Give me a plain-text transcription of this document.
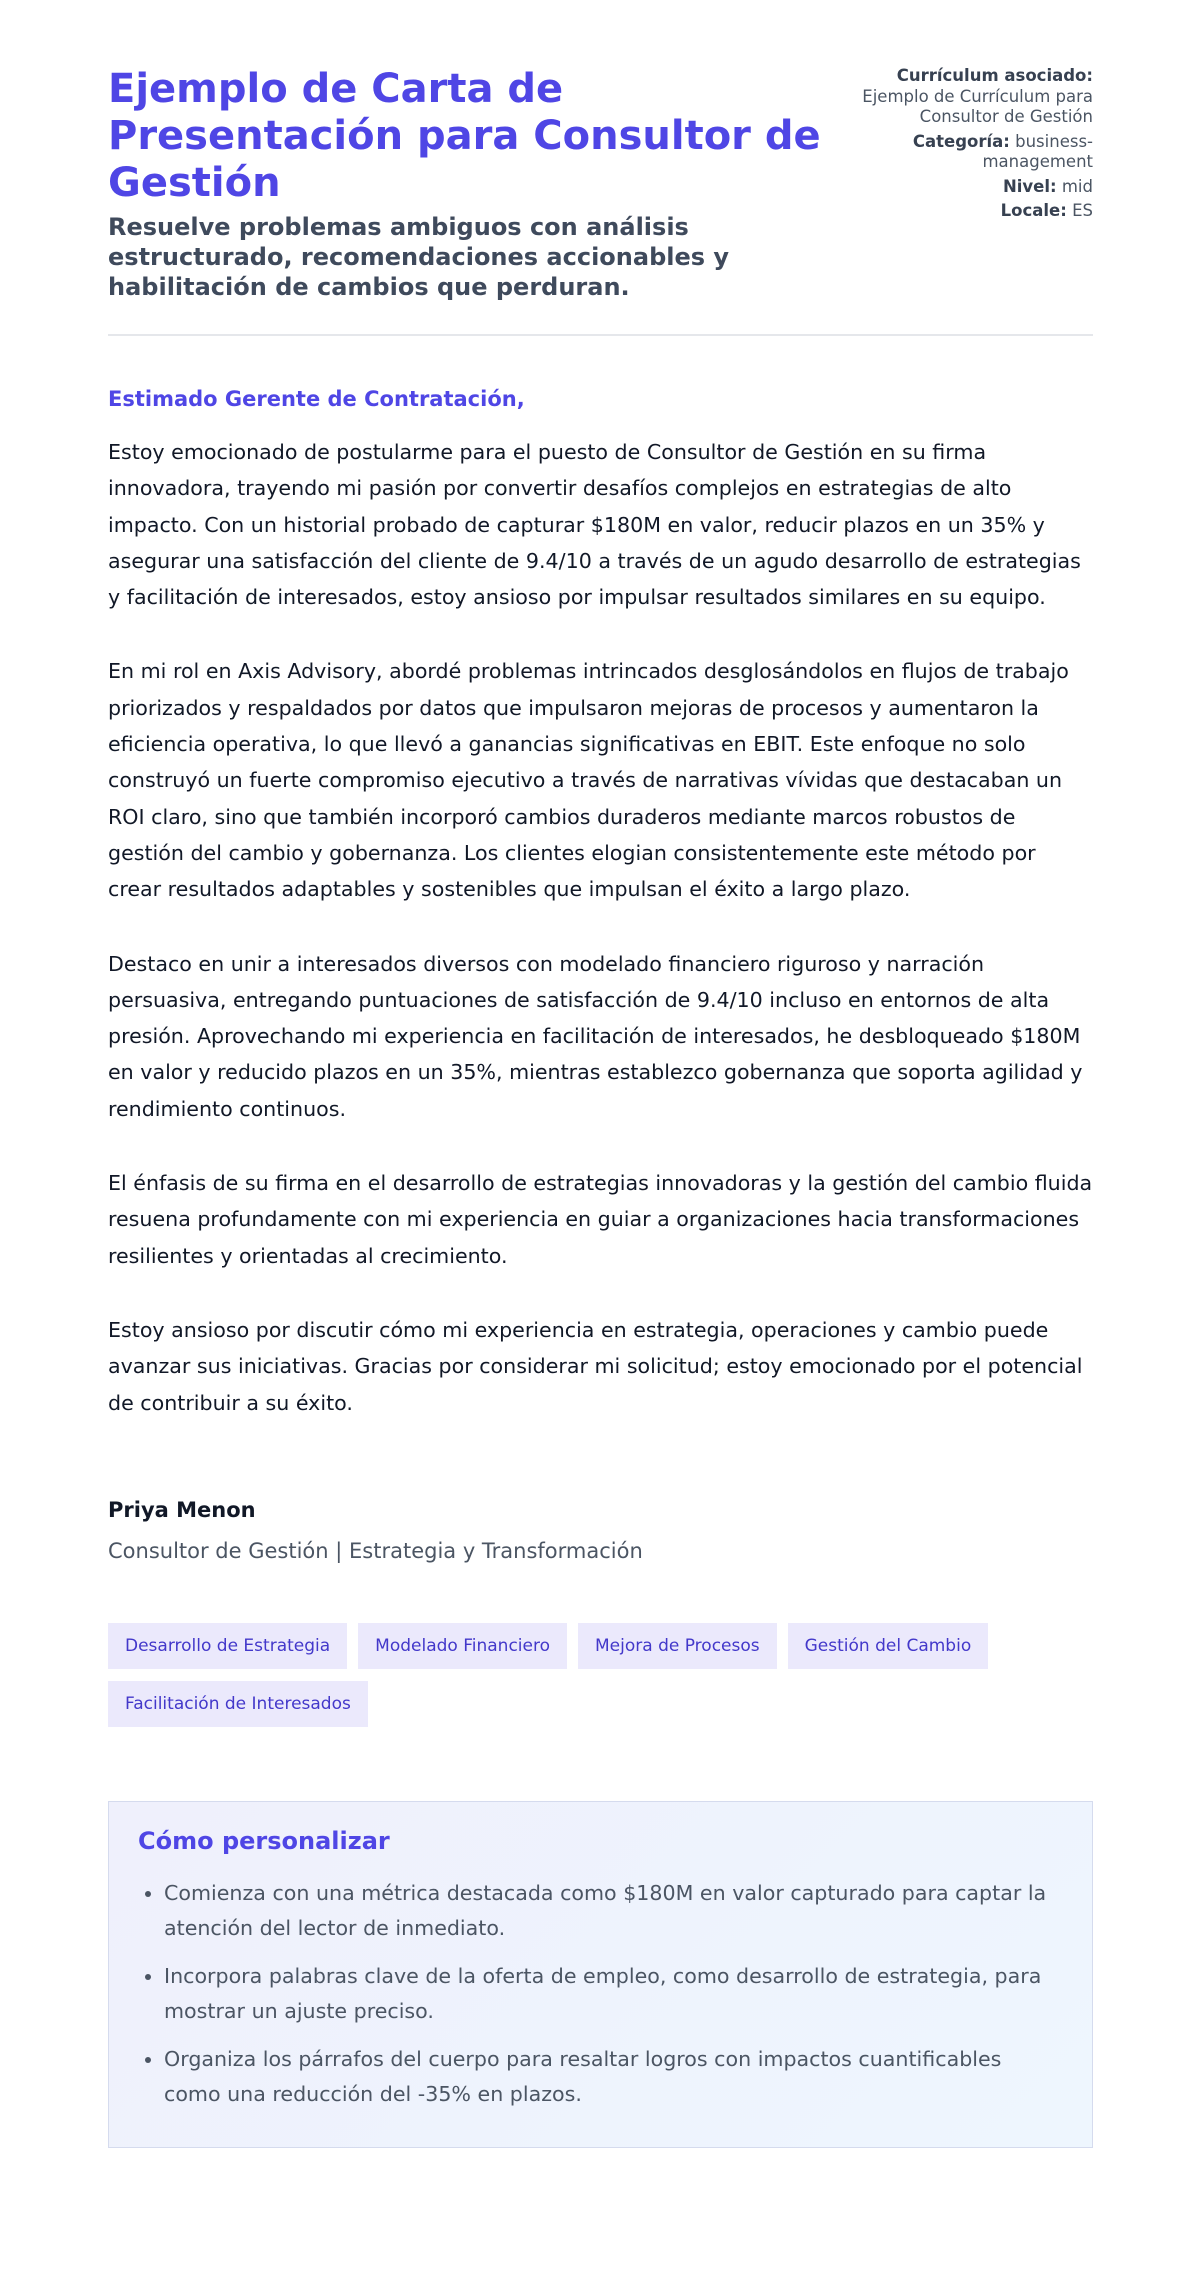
Ejemplo de Carta de Presentación para Consultor de Gestión

Resuelve problemas ambiguos con análisis estructurado, recomendaciones accionables y habilitación de cambios que perduran.

Currículum asociado:
Ejemplo de Currículum para Consultor de Gestión
Categoría: business-management
Nivel: mid
Locale: ES
Estimado Gerente de Contratación,

Estoy emocionado de postularme para el puesto de Consultor de Gestión en su firma innovadora, trayendo mi pasión por convertir desafíos complejos en estrategias de alto impacto. Con un historial probado de capturar $180M en valor, reducir plazos en un 35% y asegurar una satisfacción del cliente de 9.4/10 a través de un agudo desarrollo de estrategias y facilitación de interesados, estoy ansioso por impulsar resultados similares en su equipo.

En mi rol en Axis Advisory, abordé problemas intrincados desglosándolos en flujos de trabajo priorizados y respaldados por datos que impulsaron mejoras de procesos y aumentaron la eficiencia operativa, lo que llevó a ganancias significativas en EBIT. Este enfoque no solo construyó un fuerte compromiso ejecutivo a través de narrativas vívidas que destacaban un ROI claro, sino que también incorporó cambios duraderos mediante marcos robustos de gestión del cambio y gobernanza. Los clientes elogian consistentemente este método por crear resultados adaptables y sostenibles que impulsan el éxito a largo plazo.

Destaco en unir a interesados diversos con modelado financiero riguroso y narración persuasiva, entregando puntuaciones de satisfacción de 9.4/10 incluso en entornos de alta presión. Aprovechando mi experiencia en facilitación de interesados, he desbloqueado $180M en valor y reducido plazos en un 35%, mientras establezco gobernanza que soporta agilidad y rendimiento continuos.

El énfasis de su firma en el desarrollo de estrategias innovadoras y la gestión del cambio fluida resuena profundamente con mi experiencia en guiar a organizaciones hacia transformaciones resilientes y orientadas al crecimiento.

Estoy ansioso por discutir cómo mi experiencia en estrategia, operaciones y cambio puede avanzar sus iniciativas. Gracias por considerar mi solicitud; estoy emocionado por el potencial de contribuir a su éxito.

Priya Menon
Consultor de Gestión | Estrategia y Transformación
Desarrollo de Estrategia	Modelado Financiero	Mejora de Procesos	Gestión del Cambio
Facilitación de Interesados
Cómo personalizar
• Comienza con una métrica destacada como $180M en valor capturado para captar la atención del lector de inmediato.
• Incorpora palabras clave de la oferta de empleo, como desarrollo de estrategia, para mostrar un ajuste preciso.
• Organiza los párrafos del cuerpo para resaltar logros con impactos cuantificables como una reducción del -35% en plazos.
